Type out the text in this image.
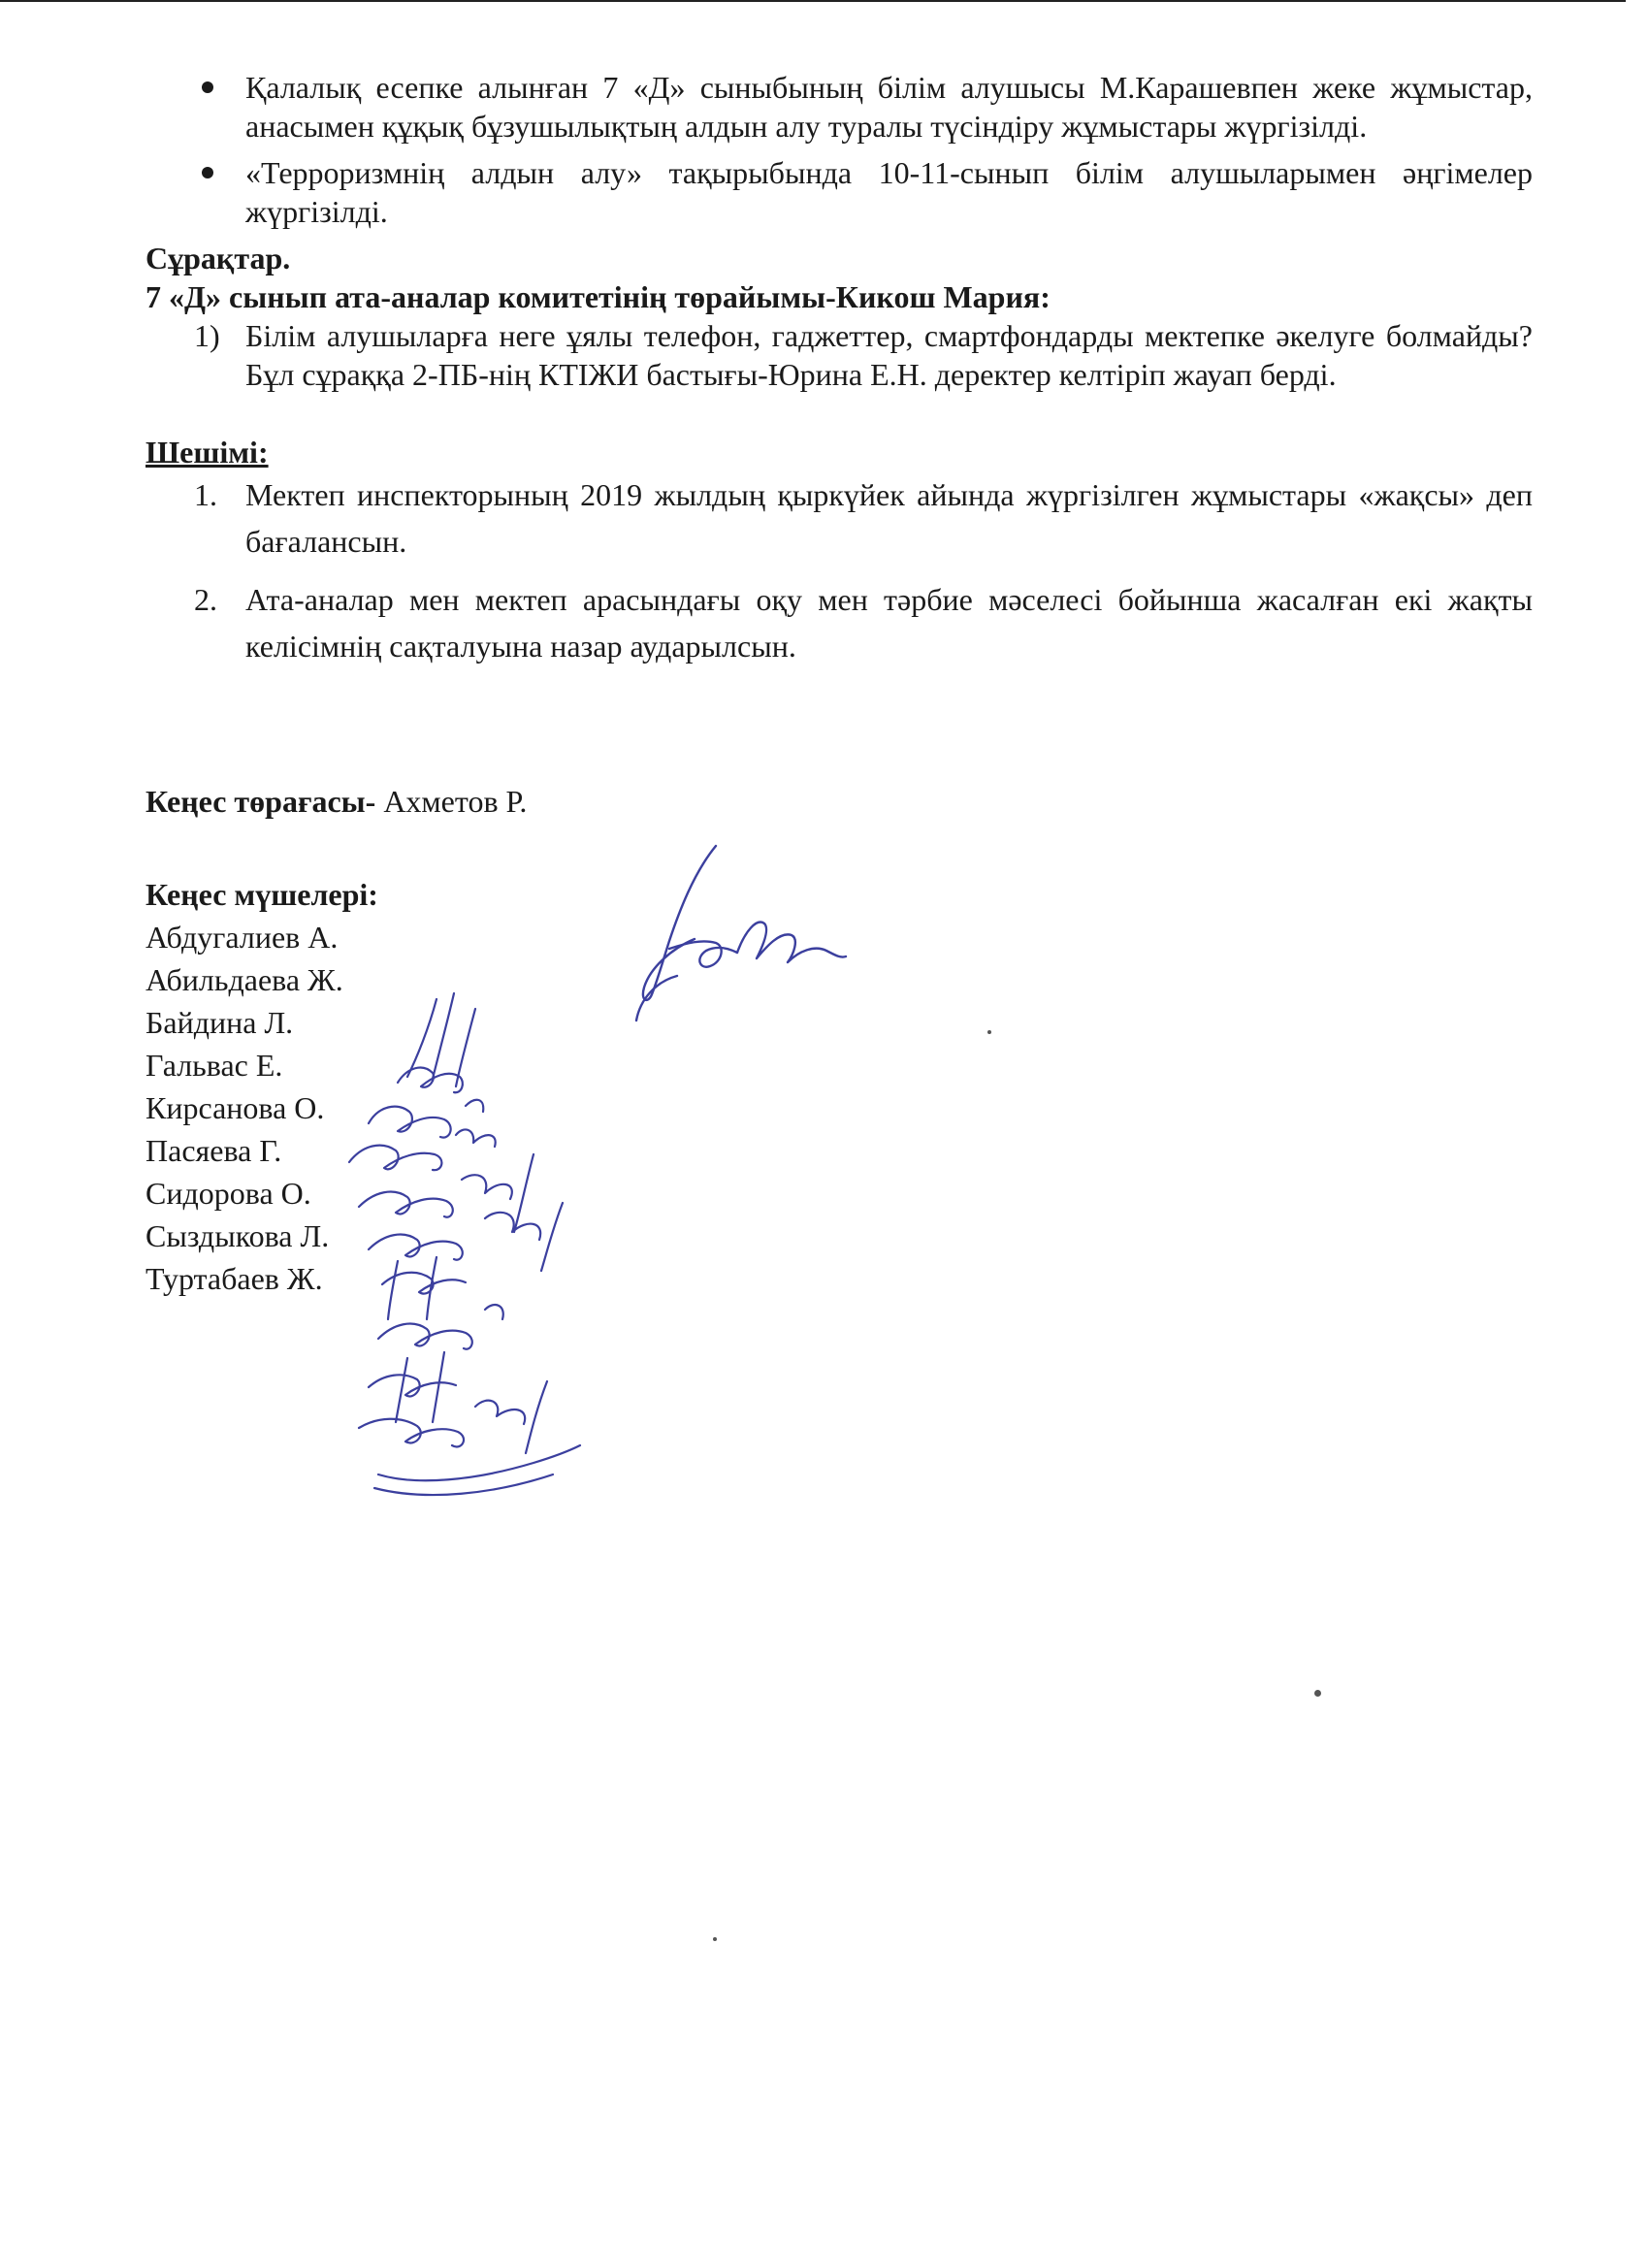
Қалалық есепке алынған 7 «Д» сыныбының білім алушысы М.Карашевпен жеке жұмыстар, анасымен құқық бұзушылықтың алдын алу туралы түсіндіру жұмыстары жүргізілді.
«Терроризмнің алдын алу» тақырыбында 10-11-сынып білім алушыларымен әңгімелер жүргізілді.

Сұрақтар.

7 «Д» сынып ата-аналар комитетінің төрайымы-Кикош Мария:

1) Білім алушыларға неге ұялы телефон, гаджеттер, смартфондарды мектепке әкелуге болмайды? Бұл сұраққа 2-ПБ-нің КТІЖИ бастығы-Юрина Е.Н. деректер келтіріп жауап берді.

Шешімі:

1. Мектеп инспекторының 2019 жылдың қыркүйек айында жүргізілген жұмыстары «жақсы» деп бағалансын.
2. Ата-аналар мен мектеп арасындағы оқу мен тәрбие мәселесі бойынша жасалған екі жақты келісімнің сақталуына назар аударылсын.

Кеңес төрағасы- Ахметов Р.

Кеңес мүшелері:

Абдугалиев А.

Абильдаева Ж.

Байдина Л.

Гальвас Е.

Кирсанова О.

Пасяева Г.

Сидорова О.

Сыздыкова Л.

Туртабаев Ж.
